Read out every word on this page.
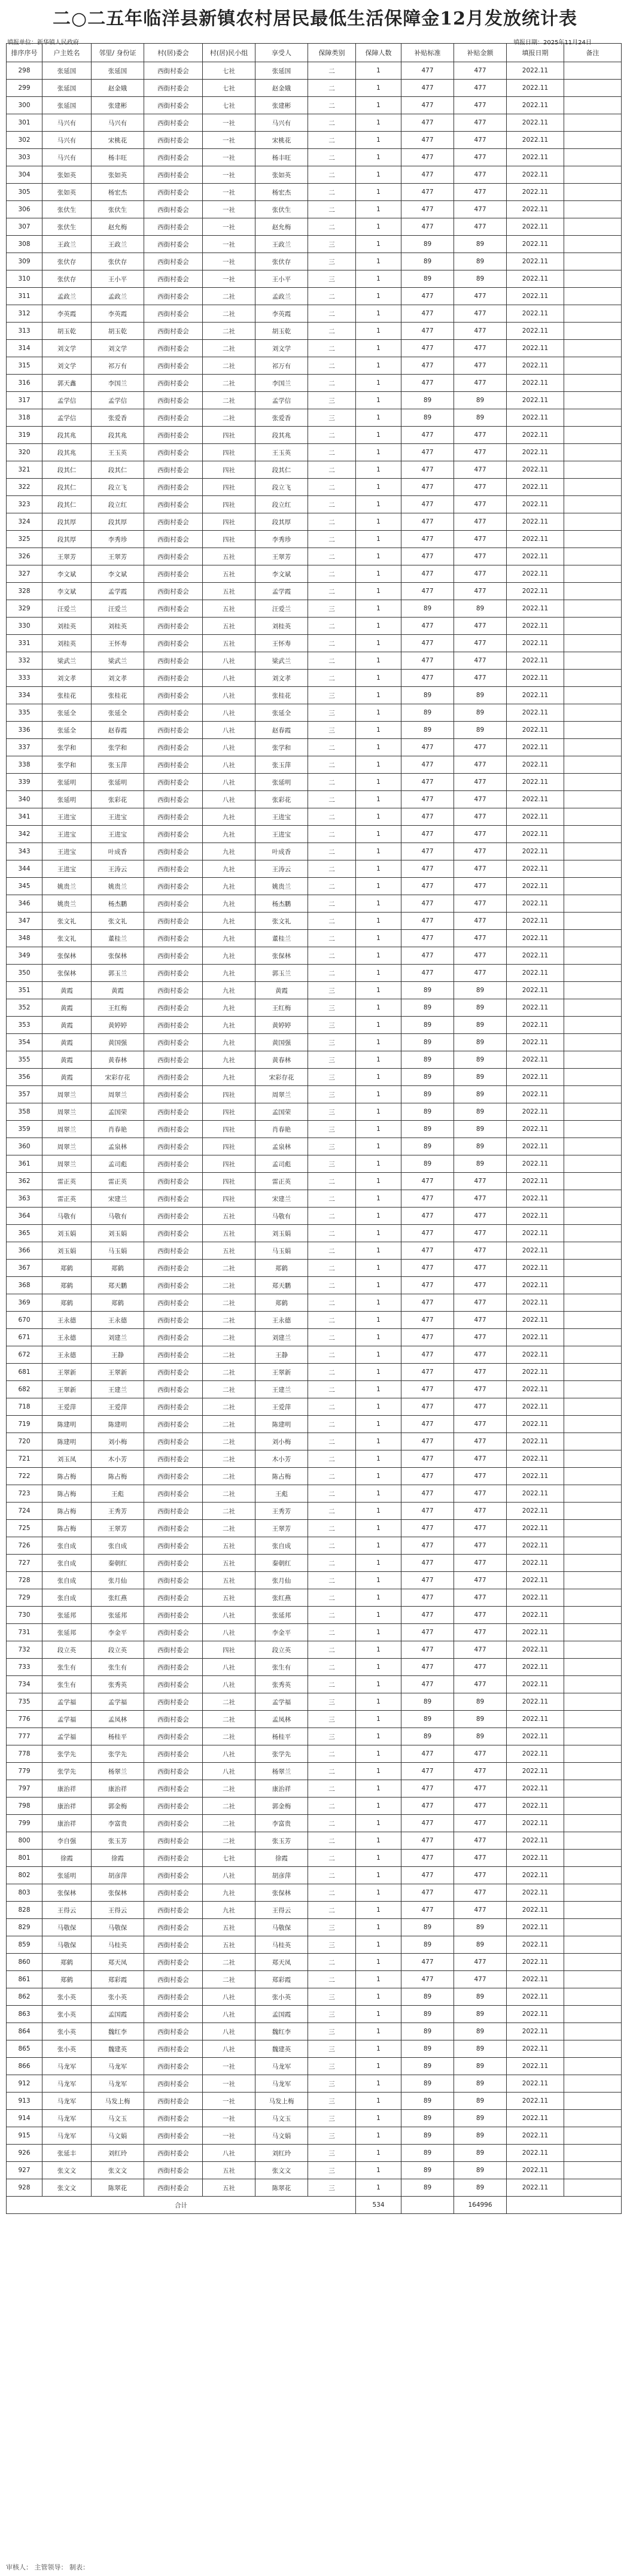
二○二五年临洋县新镇农村居民最低生活保障金12月发放统计表
填报单位：新华镇人民政府	填报日期：2025年11月24日
排序序号	户主姓名	邻里/ 身份证	村(居)委会	村(居)民小组	享受人	保障类别	保障人数	补贴标准	补贴金额	填报日期	备注
298	张延国	张延国	西街村委会	七社	张延国	二	1	477	477	2022.11	
299	张延国	赵金娥	西街村委会	七社	赵金娥	二	1	477	477	2022.11	
300	张延国	张建彬	西街村委会	七社	张建彬	二	1	477	477	2022.11	
301	马兴有	马兴有	西街村委会	一社	马兴有	二	1	477	477	2022.11	
302	马兴有	宋桃花	西街村委会	一社	宋桃花	二	1	477	477	2022.11	
303	马兴有	杨丰旺	西街村委会	一社	杨丰旺	二	1	477	477	2022.11	
304	张如英	张如英	西街村委会	一社	张如英	二	1	477	477	2022.11	
305	张如英	杨宏杰	西街村委会	一社	杨宏杰	二	1	477	477	2022.11	
306	张伏生	张伏生	西街村委会	一社	张伏生	二	1	477	477	2022.11	
307	张伏生	赵允梅	西街村委会	一社	赵允梅	二	1	477	477	2022.11	
308	王政兰	王政兰	西街村委会	一社	王政兰	三	1	89	89	2022.11	
309	张伏存	张伏存	西街村委会	一社	张伏存	三	1	89	89	2022.11	
310	张伏存	王小平	西街村委会	一社	王小平	三	1	89	89	2022.11	
311	孟政兰	孟政兰	西街村委会	二社	孟政兰	二	1	477	477	2022.11	
312	李英霞	李英霞	西街村委会	二社	李英霞	二	1	477	477	2022.11	
313	胡玉乾	胡玉乾	西街村委会	二社	胡玉乾	二	1	477	477	2022.11	
314	刘文学	刘文学	西街村委会	二社	刘文学	二	1	477	477	2022.11	
315	刘文学	祁万有	西街村委会	二社	祁万有	二	1	477	477	2022.11	
316	郭天鑫	李国兰	西街村委会	二社	李国兰	二	1	477	477	2022.11	
317	孟学信	孟学信	西街村委会	二社	孟学信	三	1	89	89	2022.11	
318	孟学信	张爱香	西街村委会	二社	张爱香	三	1	89	89	2022.11	
319	段其兆	段其兆	西街村委会	四社	段其兆	二	1	477	477	2022.11	
320	段其兆	王玉英	西街村委会	四社	王玉英	二	1	477	477	2022.11	
321	段其仁	段其仁	西街村委会	四社	段其仁	二	1	477	477	2022.11	
322	段其仁	段立飞	西街村委会	四社	段立飞	二	1	477	477	2022.11	
323	段其仁	段立红	西街村委会	四社	段立红	二	1	477	477	2022.11	
324	段其厚	段其厚	西街村委会	四社	段其厚	二	1	477	477	2022.11	
325	段其厚	李秀珍	西街村委会	四社	李秀珍	二	1	477	477	2022.11	
326	王翠芳	王翠芳	西街村委会	五社	王翠芳	二	1	477	477	2022.11	
327	李文斌	李文斌	西街村委会	五社	李文斌	二	1	477	477	2022.11	
328	李文斌	孟学霞	西街村委会	五社	孟学霞	二	1	477	477	2022.11	
329	汪爱兰	汪爱兰	西街村委会	五社	汪爱兰	三	1	89	89	2022.11	
330	刘桂英	刘桂英	西街村委会	五社	刘桂英	二	1	477	477	2022.11	
331	刘桂英	王怀寿	西街村委会	五社	王怀寿	二	1	477	477	2022.11	
332	梁武兰	梁武兰	西街村委会	八社	梁武兰	二	1	477	477	2022.11	
333	刘文孝	刘文孝	西街村委会	八社	刘文孝	二	1	477	477	2022.11	
334	张桂花	张桂花	西街村委会	八社	张桂花	三	1	89	89	2022.11	
335	张延全	张延全	西街村委会	八社	张延全	三	1	89	89	2022.11	
336	张延全	赵春霞	西街村委会	八社	赵春霞	三	1	89	89	2022.11	
337	张学和	张学和	西街村委会	八社	张学和	二	1	477	477	2022.11	
338	张学和	张玉萍	西街村委会	八社	张玉萍	二	1	477	477	2022.11	
339	张延明	张延明	西街村委会	八社	张延明	二	1	477	477	2022.11	
340	张延明	张彩花	西街村委会	八社	张彩花	二	1	477	477	2022.11	
341	王进宝	王进宝	西街村委会	九社	王进宝	二	1	477	477	2022.11	
342	王进宝	王进宝	西街村委会	九社	王进宝	二	1	477	477	2022.11	
343	王进宝	叶成香	西街村委会	九社	叶成香	二	1	477	477	2022.11	
344	王进宝	王涛云	西街村委会	九社	王涛云	二	1	477	477	2022.11	
345	姚贵兰	姚贵兰	西街村委会	九社	姚贵兰	二	1	477	477	2022.11	
346	姚贵兰	杨杰鹏	西街村委会	九社	杨杰鹏	二	1	477	477	2022.11	
347	张文礼	张文礼	西街村委会	九社	张文礼	二	1	477	477	2022.11	
348	张文礼	董桂兰	西街村委会	九社	董桂兰	二	1	477	477	2022.11	
349	张保林	张保林	西街村委会	九社	张保林	二	1	477	477	2022.11	
350	张保林	郭玉兰	西街村委会	九社	郭玉兰	二	1	477	477	2022.11	
351	黄霞	黄霞	西街村委会	九社	黄霞	三	1	89	89	2022.11	
352	黄霞	王红梅	西街村委会	九社	王红梅	三	1	89	89	2022.11	
353	黄霞	黄婷婷	西街村委会	九社	黄婷婷	三	1	89	89	2022.11	
354	黄霞	黄国强	西街村委会	九社	黄国强	三	1	89	89	2022.11	
355	黄霞	黄春林	西街村委会	九社	黄春林	三	1	89	89	2022.11	
356	黄霞	宋彩存花	西街村委会	九社	宋彩存花	三	1	89	89	2022.11	
357	周翠兰	周翠兰	西街村委会	四社	周翠兰	三	1	89	89	2022.11	
358	周翠兰	孟国荣	西街村委会	四社	孟国荣	三	1	89	89	2022.11	
359	周翠兰	肖春艳	西街村委会	四社	肖春艳	三	1	89	89	2022.11	
360	周翠兰	孟泉林	西街村委会	四社	孟泉林	三	1	89	89	2022.11	
361	周翠兰	孟司彪	西街村委会	四社	孟司彪	三	1	89	89	2022.11	
362	雷正英	雷正英	西街村委会	四社	雷正英	二	1	477	477	2022.11	
363	雷正英	宋建兰	西街村委会	四社	宋建兰	二	1	477	477	2022.11	
364	马敬有	马敬有	西街村委会	五社	马敬有	二	1	477	477	2022.11	
365	刘玉娟	刘玉娟	西街村委会	五社	刘玉娟	二	1	477	477	2022.11	
366	刘玉娟	马玉娟	西街村委会	五社	马玉娟	二	1	477	477	2022.11	
367	郑鹤	郑鹤	西街村委会	二社	郑鹤	二	1	477	477	2022.11	
368	郑鹤	郑天鹏	西街村委会	二社	郑天鹏	二	1	477	477	2022.11	
369	郑鹤	郑鹤	西街村委会	二社	郑鹤	二	1	477	477	2022.11	
670	王永德	王永德	西街村委会	二社	王永德	二	1	477	477	2022.11	
671	王永德	刘建兰	西街村委会	二社	刘建兰	二	1	477	477	2022.11	
672	王永德	王静	西街村委会	二社	王静	二	1	477	477	2022.11	
681	王翠新	王翠新	西街村委会	二社	王翠新	二	1	477	477	2022.11	
682	王翠新	王建兰	西街村委会	二社	王建兰	二	1	477	477	2022.11	
718	王爱萍	王爱萍	西街村委会	二社	王爱萍	二	1	477	477	2022.11	
719	陈建明	陈建明	西街村委会	二社	陈建明	二	1	477	477	2022.11	
720	陈建明	刘小梅	西街村委会	二社	刘小梅	二	1	477	477	2022.11	
721	刘玉凤	木小芳	西街村委会	二社	木小芳	二	1	477	477	2022.11	
722	陈占梅	陈占梅	西街村委会	二社	陈占梅	二	1	477	477	2022.11	
723	陈占梅	王彪	西街村委会	二社	王彪	二	1	477	477	2022.11	
724	陈占梅	王秀芳	西街村委会	二社	王秀芳	二	1	477	477	2022.11	
725	陈占梅	王翠芳	西街村委会	二社	王翠芳	二	1	477	477	2022.11	
726	张自成	张自成	西街村委会	五社	张自成	二	1	477	477	2022.11	
727	张自成	秦朝红	西街村委会	五社	秦朝红	二	1	477	477	2022.11	
728	张自成	张月仙	西街村委会	五社	张月仙	二	1	477	477	2022.11	
729	张自成	张红燕	西街村委会	五社	张红燕	二	1	477	477	2022.11	
730	张延邦	张延邦	西街村委会	八社	张延邦	二	1	477	477	2022.11	
731	张延邦	李金平	西街村委会	八社	李金平	二	1	477	477	2022.11	
732	段立英	段立英	西街村委会	四社	段立英	二	1	477	477	2022.11	
733	张生有	张生有	西街村委会	八社	张生有	二	1	477	477	2022.11	
734	张生有	张秀英	西街村委会	八社	张秀英	二	1	477	477	2022.11	
735	孟学福	孟学福	西街村委会	二社	孟学福	三	1	89	89	2022.11	
776	孟学福	孟凤林	西街村委会	二社	孟凤林	三	1	89	89	2022.11	
777	孟学福	杨桂平	西街村委会	二社	杨桂平	三	1	89	89	2022.11	
778	张学先	张学先	西街村委会	八社	张学先	二	1	477	477	2022.11	
779	张学先	杨翠兰	西街村委会	八社	杨翠兰	二	1	477	477	2022.11	
797	康治祥	康治祥	西街村委会	二社	康治祥	二	1	477	477	2022.11	
798	康治祥	郭金梅	西街村委会	二社	郭金梅	二	1	477	477	2022.11	
799	康治祥	李富贵	西街村委会	二社	李富贵	二	1	477	477	2022.11	
800	李自强	张玉芳	西街村委会	二社	张玉芳	二	1	477	477	2022.11	
801	徐霞	徐霞	西街村委会	七社	徐霞	二	1	477	477	2022.11	
802	张延明	胡彦萍	西街村委会	八社	胡彦萍	二	1	477	477	2022.11	
803	张保林	张保林	西街村委会	九社	张保林	二	1	477	477	2022.11	
828	王得云	王得云	西街村委会	九社	王得云	二	1	477	477	2022.11	
829	马敬保	马敬保	西街村委会	五社	马敬保	三	1	89	89	2022.11	
859	马敬保	马桂英	西街村委会	五社	马桂英	三	1	89	89	2022.11	
860	郑鹤	郑天凤	西街村委会	二社	郑天凤	二	1	477	477	2022.11	
861	郑鹤	郑彩霞	西街村委会	二社	郑彩霞	二	1	477	477	2022.11	
862	张小英	张小英	西街村委会	八社	张小英	三	1	89	89	2022.11	
863	张小英	孟国霞	西街村委会	八社	孟国霞	三	1	89	89	2022.11	
864	张小英	魏红李	西街村委会	八社	魏红李	三	1	89	89	2022.11	
865	张小英	魏建英	西街村委会	八社	魏建英	三	1	89	89	2022.11	
866	马龙军	马龙军	西街村委会	一社	马龙军	三	1	89	89	2022.11	
912	马龙军	马龙军	西街村委会	一社	马龙军	三	1	89	89	2022.11	
913	马龙军	马发上梅	西街村委会	一社	马发上梅	三	1	89	89	2022.11	
914	马龙军	马文玉	西街村委会	一社	马文玉	三	1	89	89	2022.11	
915	马龙军	马文娟	西街村委会	一社	马文娟	三	1	89	89	2022.11	
926	张延丰	刘红玲	西街村委会	八社	刘红玲	三	1	89	89	2022.11	
927	张文文	张文文	西街村委会	五社	张文文	三	1	89	89	2022.11	
928	张文文	陈翠花	西街村委会	五社	陈翠花	三	1	89	89	2022.11	
合计							534		164996		
审核人： 主管领导： 制表：
